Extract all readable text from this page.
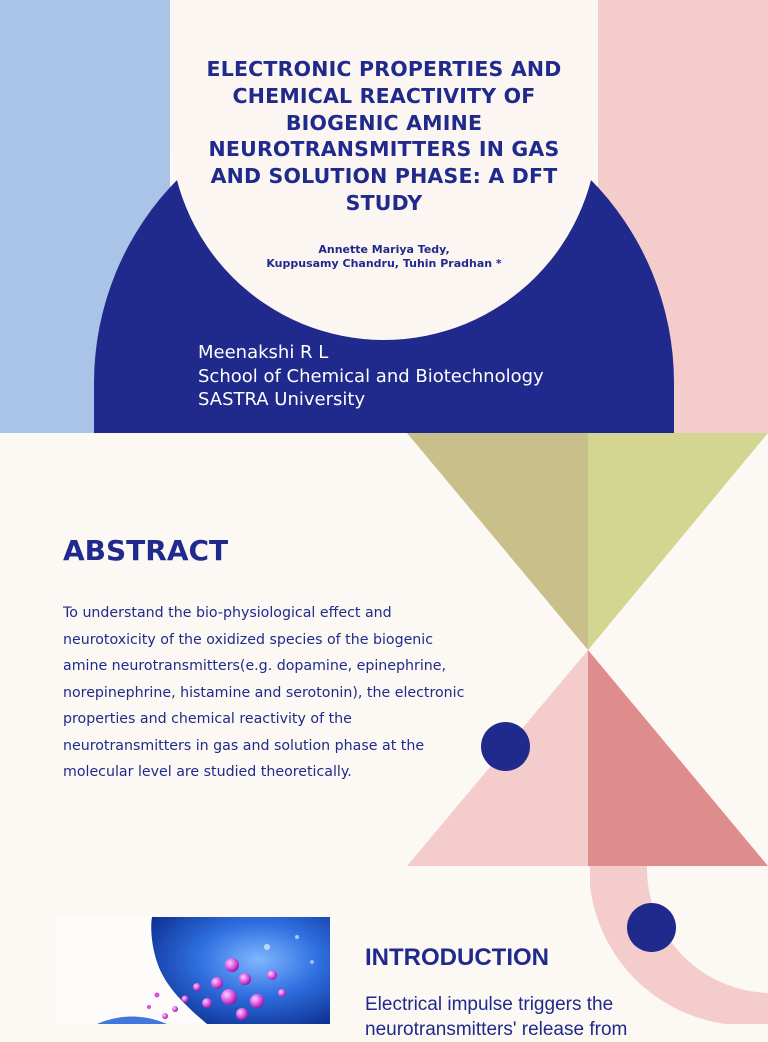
ELECTRONIC PROPERTIES AND CHEMICAL REACTIVITY OF BIOGENIC AMINE NEUROTRANSMITTERS IN GAS AND SOLUTION PHASE: A DFT STUDY
Annette Mariya Tedy,
Kuppusamy Chandru, Tuhin Pradhan *
Meenakshi R L
School of Chemical and Biotechnology
SASTRA University
ABSTRACT

To understand the bio-physiological effect and neurotoxicity of the oxidized species of the biogenic amine neurotransmitters(e.g. dopamine, epinephrine, norepinephrine, histamine and serotonin), the electronic properties and chemical reactivity of the neurotransmitters in gas and solution phase at the molecular level are studied theoretically.

INTRODUCTION

Electrical impulse triggers the neurotransmitters' release from
